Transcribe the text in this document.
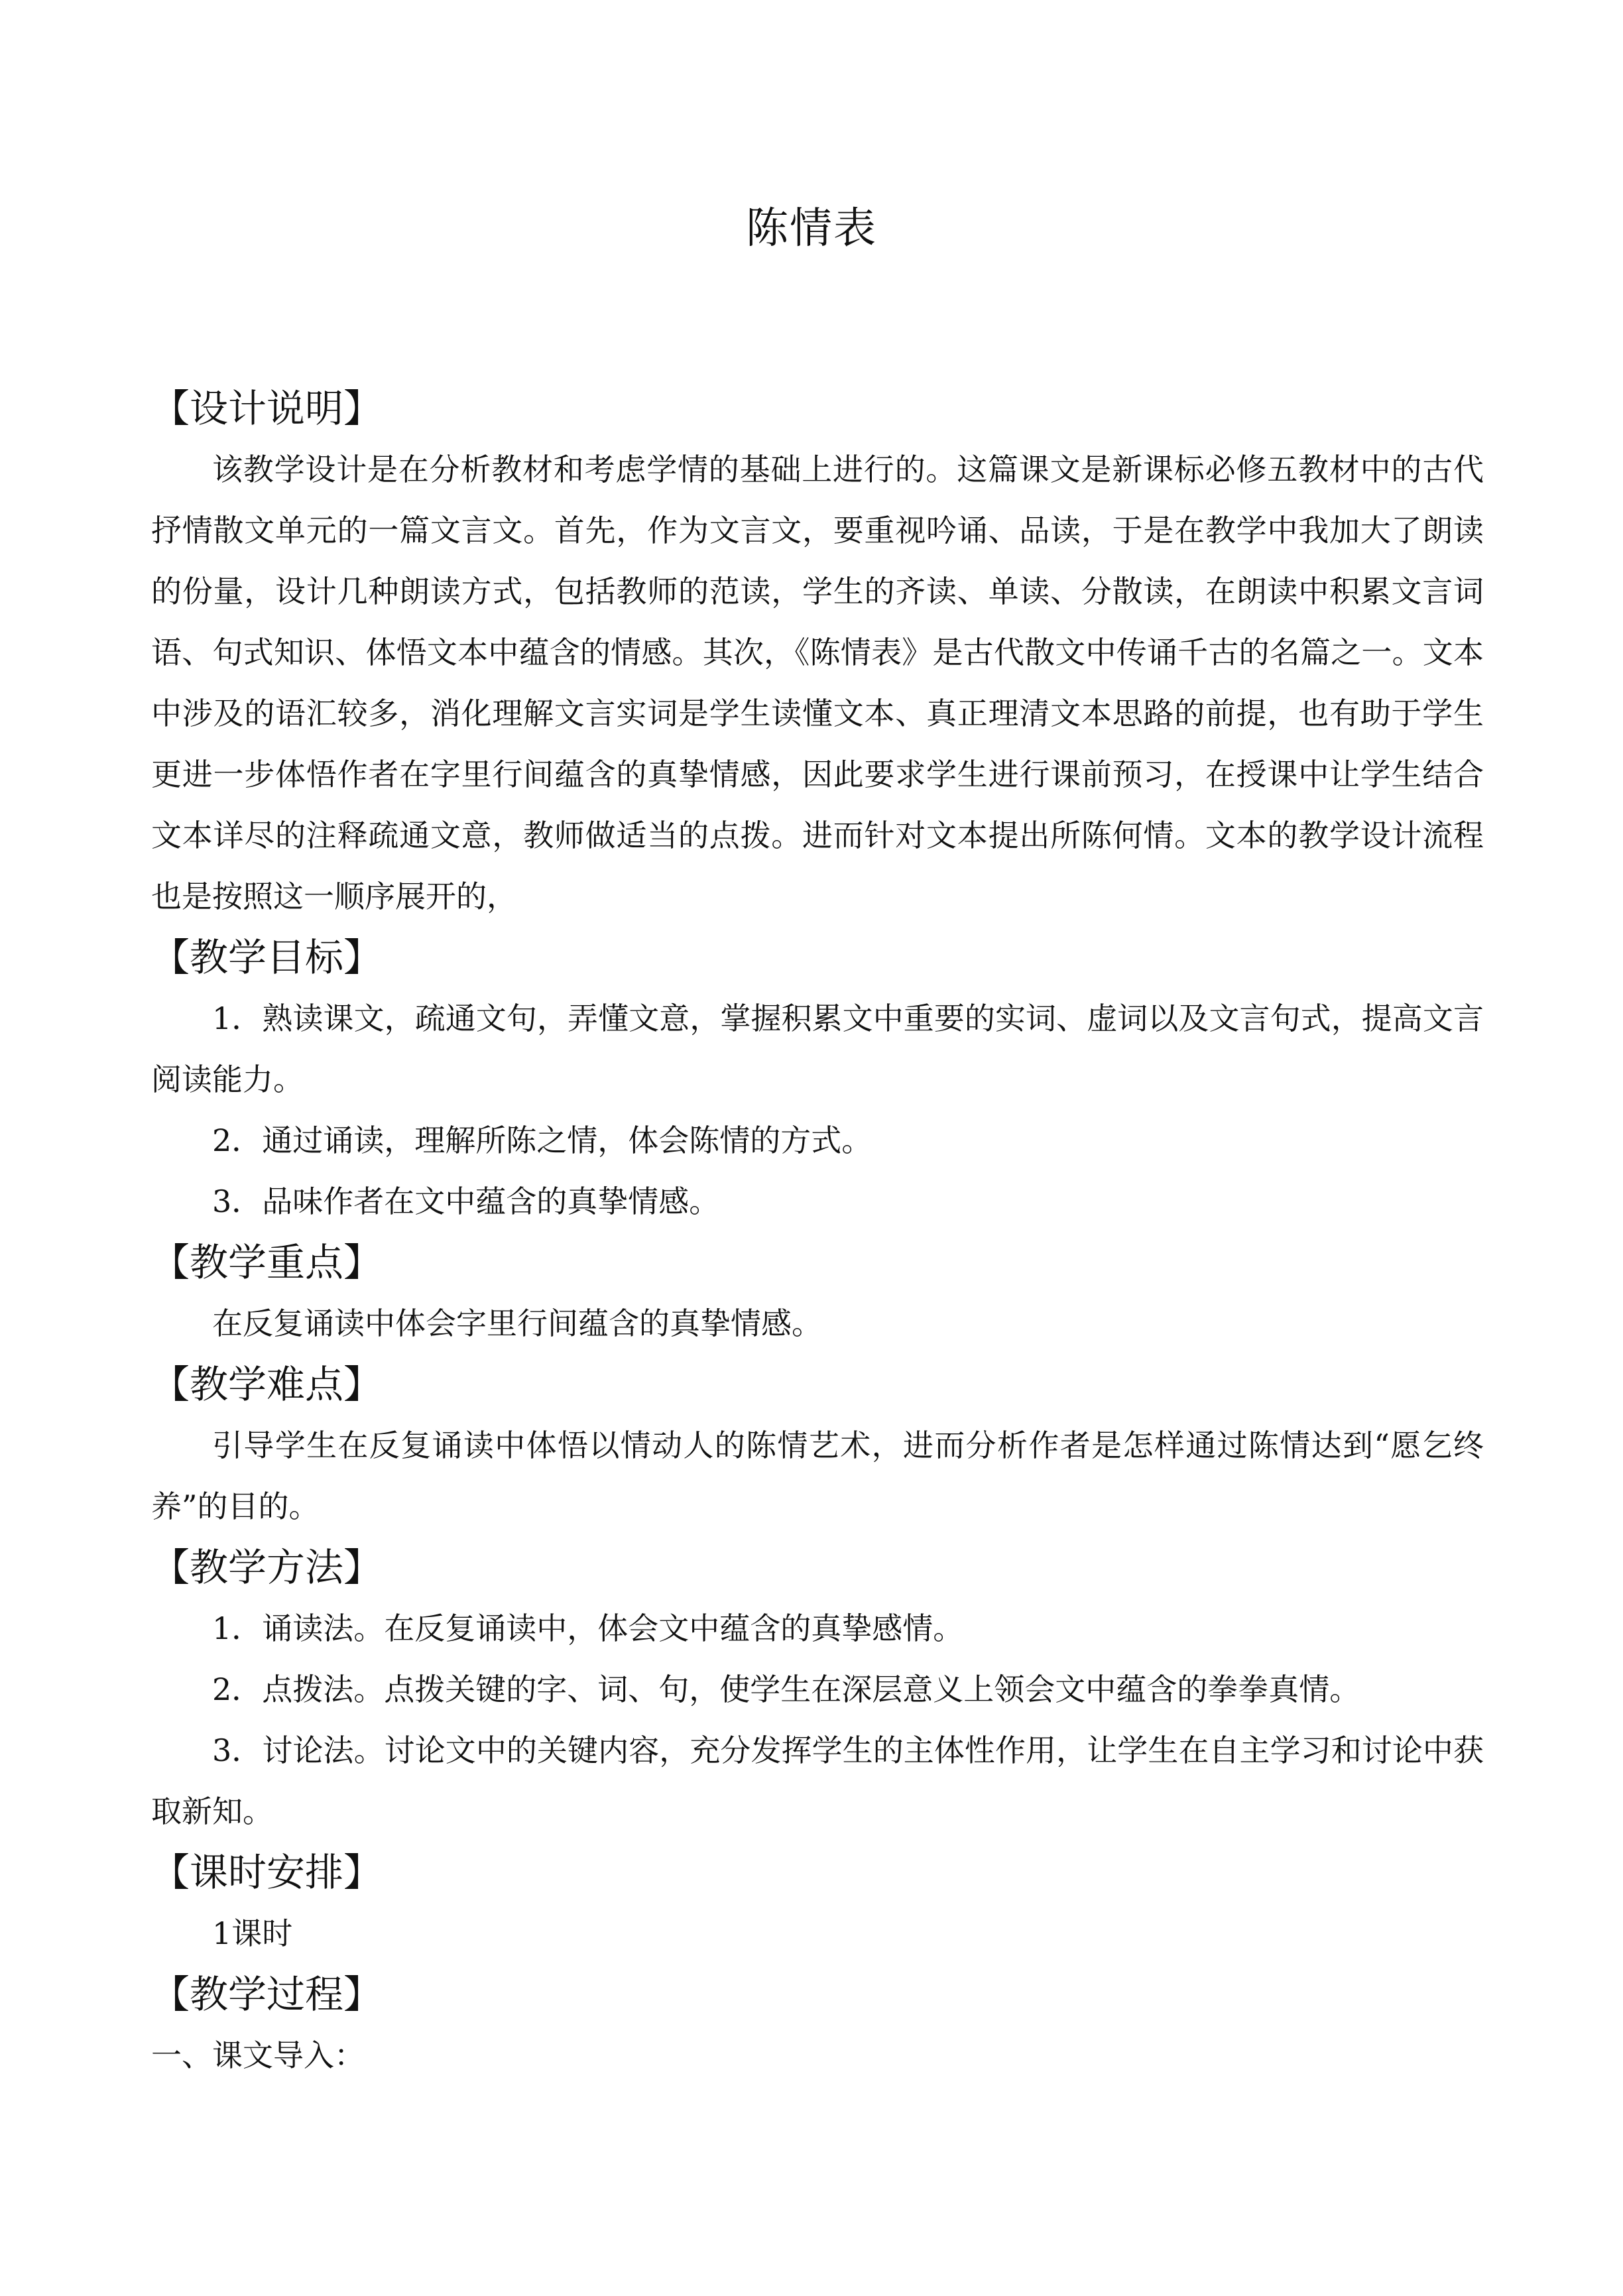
陈情表
【设计说明】

该教学设计是在分析教材和考虑学情的基础上进行的。这篇课文是新课标必修五教材中的古代抒情散文单元的一篇文言文。首先，作为文言文，要重视吟诵、品读，于是在教学中我加大了朗读的份量，设计几种朗读方式，包括教师的范读，学生的齐读、单读、分散读，在朗读中积累文言词语、句式知识、体悟文本中蕴含的情感。其次，《陈情表》是古代散文中传诵千古的名篇之一。文本中涉及的语汇较多，消化理解文言实词是学生读懂文本、真正理清文本思路的前提，也有助于学生更进一步体悟作者在字里行间蕴含的真挚情感，因此要求学生进行课前预习，在授课中让学生结合文本详尽的注释疏通文意，教师做适当的点拨。进而针对文本提出所陈何情。文本的教学设计流程也是按照这一顺序展开的，

【教学目标】

1．熟读课文，疏通文句，弄懂文意，掌握积累文中重要的实词、虚词以及文言句式，提高文言阅读能力。

2．通过诵读，理解所陈之情，体会陈情的方式。

3．品味作者在文中蕴含的真挚情感。

【教学重点】

在反复诵读中体会字里行间蕴含的真挚情感。

【教学难点】

引导学生在反复诵读中体悟以情动人的陈情艺术，进而分析作者是怎样通过陈情达到“愿乞终养”的目的。

【教学方法】

1．诵读法。在反复诵读中，体会文中蕴含的真挚感情。

2．点拨法。点拨关键的字、词、句，使学生在深层意义上领会文中蕴含的拳拳真情。

3．讨论法。讨论文中的关键内容，充分发挥学生的主体性作用，让学生在自主学习和讨论中获取新知。

【课时安排】

1课时

【教学过程】

一、课文导入：
